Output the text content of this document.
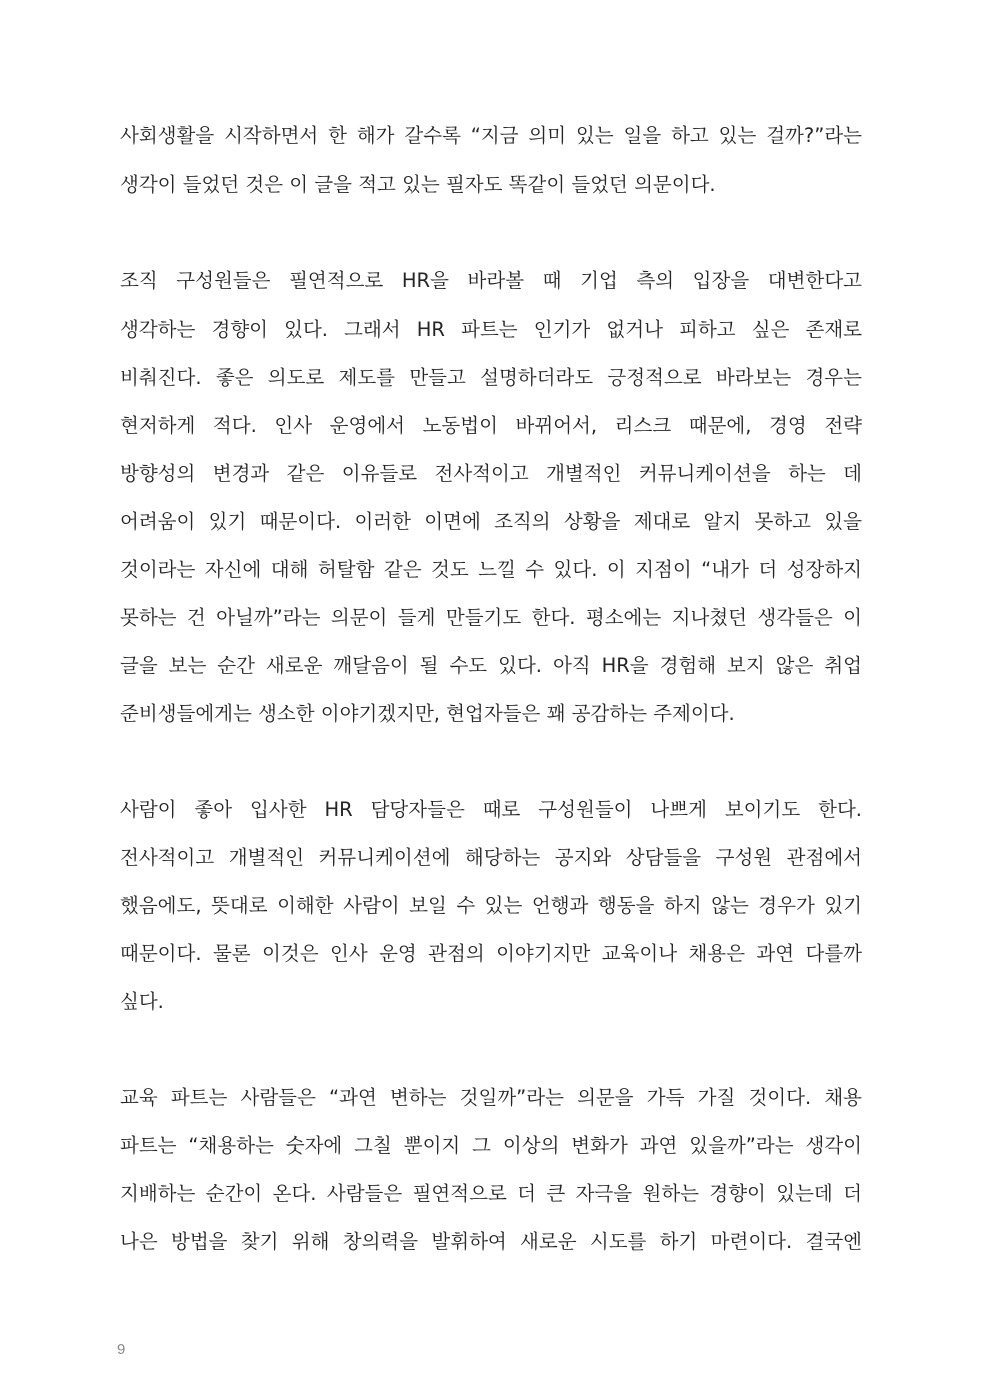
사회생활을 시작하면서 한 해가 갈수록 “지금 의미 있는 일을 하고 있는 걸까?”라는
생각이 들었던 것은 이 글을 적고 있는 필자도 똑같이 들었던 의문이다.
조직 구성원들은 필연적으로 HR을 바라볼 때 기업 측의 입장을 대변한다고
생각하는 경향이 있다. 그래서 HR 파트는 인기가 없거나 피하고 싶은 존재로
비춰진다. 좋은 의도로 제도를 만들고 설명하더라도 긍정적으로 바라보는 경우는
현저하게 적다. 인사 운영에서 노동법이 바뀌어서, 리스크 때문에, 경영 전략
방향성의 변경과 같은 이유들로 전사적이고 개별적인 커뮤니케이션을 하는 데
어려움이 있기 때문이다. 이러한 이면에 조직의 상황을 제대로 알지 못하고 있을
것이라는 자신에 대해 허탈함 같은 것도 느낄 수 있다. 이 지점이 “내가 더 성장하지
못하는 건 아닐까”라는 의문이 들게 만들기도 한다. 평소에는 지나쳤던 생각들은 이
글을 보는 순간 새로운 깨달음이 될 수도 있다. 아직 HR을 경험해 보지 않은 취업
준비생들에게는 생소한 이야기겠지만, 현업자들은 꽤 공감하는 주제이다.
사람이 좋아 입사한 HR 담당자들은 때로 구성원들이 나쁘게 보이기도 한다.
전사적이고 개별적인 커뮤니케이션에 해당하는 공지와 상담들을 구성원 관점에서
했음에도, 뜻대로 이해한 사람이 보일 수 있는 언행과 행동을 하지 않는 경우가 있기
때문이다. 물론 이것은 인사 운영 관점의 이야기지만 교육이나 채용은 과연 다를까
싶다.
교육 파트는 사람들은 “과연 변하는 것일까”라는 의문을 가득 가질 것이다. 채용
파트는 “채용하는 숫자에 그칠 뿐이지 그 이상의 변화가 과연 있을까”라는 생각이
지배하는 순간이 온다. 사람들은 필연적으로 더 큰 자극을 원하는 경향이 있는데 더
나은 방법을 찾기 위해 창의력을 발휘하여 새로운 시도를 하기 마련이다. 결국엔
9
